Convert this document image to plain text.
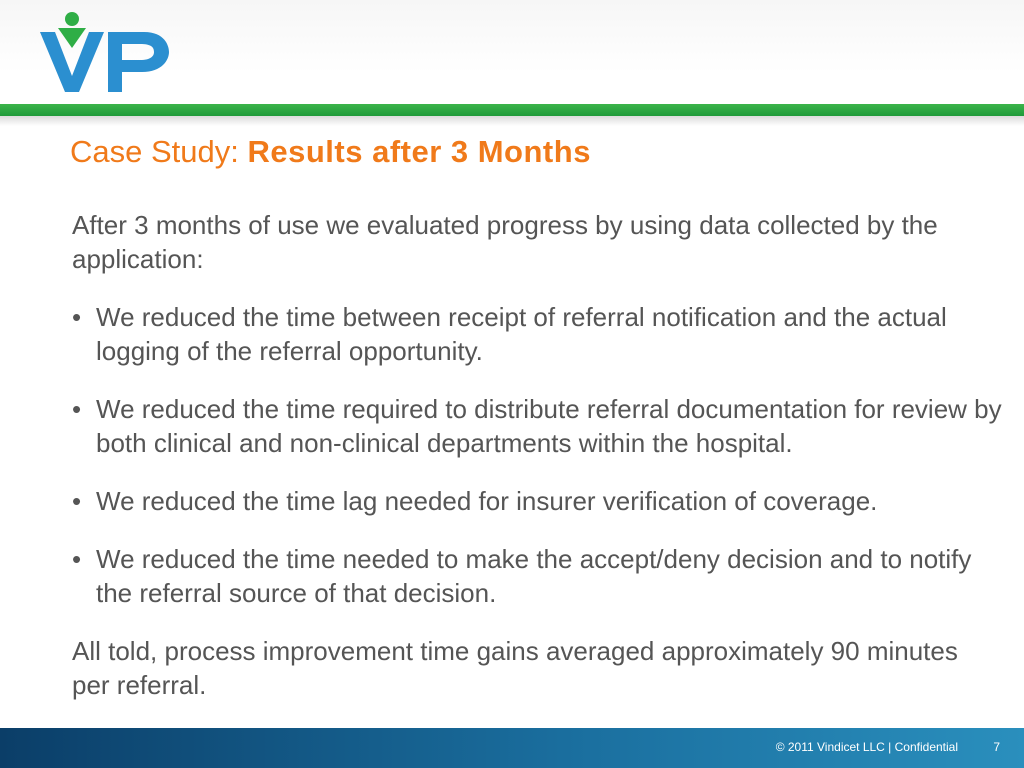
Case Study: Results after 3 Months

After 3 months of use we evaluated progress by using data collected by the application:

• We reduced the time between receipt of referral notification and the actual logging of the referral opportunity.
• We reduced the time required to distribute referral documentation for review by both clinical and non-clinical departments within the hospital.
• We reduced the time lag needed for insurer verification of coverage.
• We reduced the time needed to make the accept/deny decision and to notify the referral source of that decision.

All told, process improvement time gains averaged approximately 90 minutes per referral.

© 2011 Vindicet LLC | Confidential	7
